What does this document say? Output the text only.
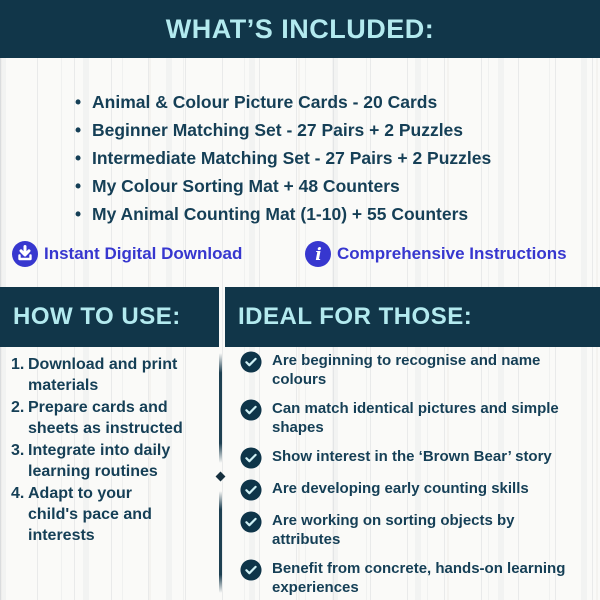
WHAT’S INCLUDED:
• Animal & Colour Picture Cards - 20 Cards
• Beginner Matching Set - 27 Pairs + 2 Puzzles
• Intermediate Matching Set - 27 Pairs + 2 Puzzles
• My Colour Sorting Mat + 48 Counters
• My Animal Counting Mat (1-10) + 55 Counters
Instant Digital Download	i Comprehensive Instructions
HOW TO USE:
Download and print materials
Prepare cards and sheets as instructed
Integrate into daily learning routines
Adapt to your child's pace and interests
IDEAL FOR THOSE:
Are beginning to recognise and name colours
Can match identical pictures and simple shapes
Show interest in the ‘Brown Bear’ story
Are developing early counting skills
Are working on sorting objects by attributes
Benefit from concrete, hands-on learning experiences
